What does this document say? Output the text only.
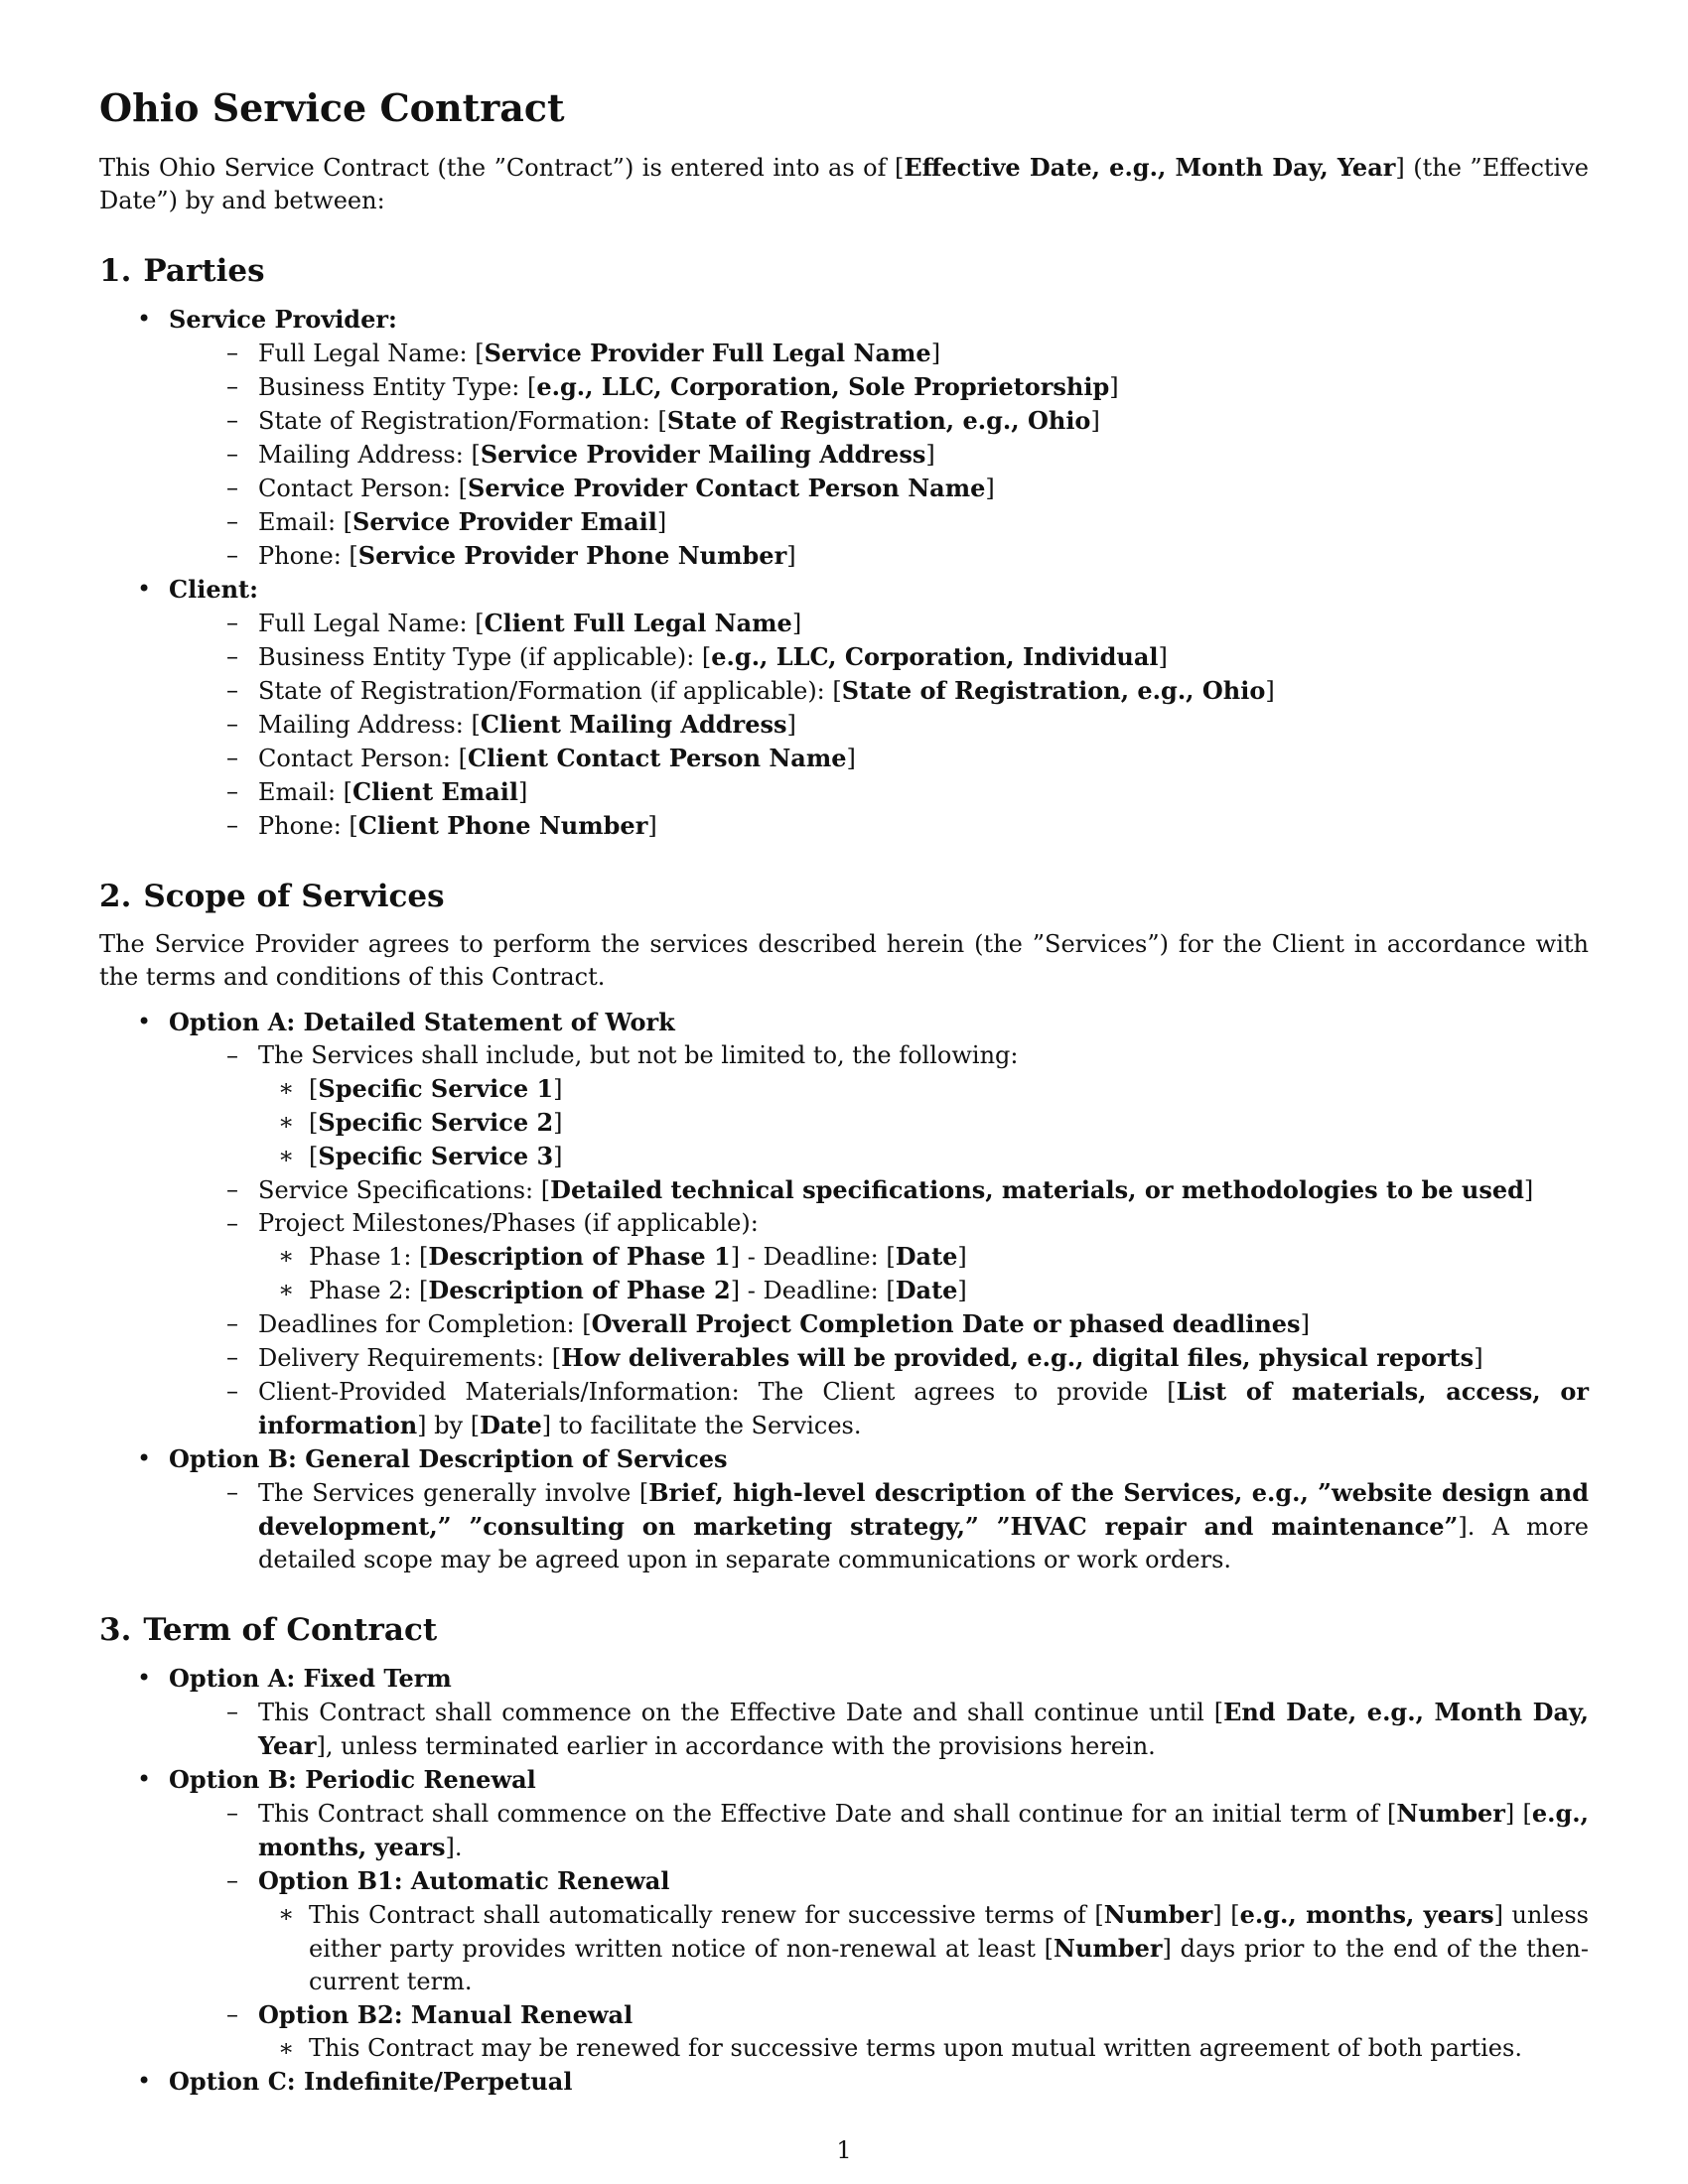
Ohio Service Contract

This Ohio Service Contract (the ”Contract”) is entered into as of [Effective Date, e.g., Month Day, Year] (the ”Effective Date”) by and between:

1. Parties
• Service Provider:
– Full Legal Name: [Service Provider Full Legal Name]
– Business Entity Type: [e.g., LLC, Corporation, Sole Proprietorship]
– State of Registration/Formation: [State of Registration, e.g., Ohio]
– Mailing Address: [Service Provider Mailing Address]
– Contact Person: [Service Provider Contact Person Name]
– Email: [Service Provider Email]
– Phone: [Service Provider Phone Number]
• Client:
– Full Legal Name: [Client Full Legal Name]
– Business Entity Type (if applicable): [e.g., LLC, Corporation, Individual]
– State of Registration/Formation (if applicable): [State of Registration, e.g., Ohio]
– Mailing Address: [Client Mailing Address]
– Contact Person: [Client Contact Person Name]
– Email: [Client Email]
– Phone: [Client Phone Number]
2. Scope of Services

The Service Provider agrees to perform the services described herein (the ”Services”) for the Client in accordance with the terms and conditions of this Contract.

• Option A: Detailed Statement of Work
– The Services shall include, but not be limited to, the following:
∗ [Specific Service 1]
∗ [Specific Service 2]
∗ [Specific Service 3]
– Service Specifications: [Detailed technical specifications, materials, or methodologies to be used]
– Project Milestones/Phases (if applicable):
∗ Phase 1: [Description of Phase 1] - Deadline: [Date]
∗ Phase 2: [Description of Phase 2] - Deadline: [Date]
– Deadlines for Completion: [Overall Project Completion Date or phased deadlines]
– Delivery Requirements: [How deliverables will be provided, e.g., digital files, physical reports]
– Client-Provided Materials/Information: The Client agrees to provide [List of materials, access, or information] by [Date] to facilitate the Services.
• Option B: General Description of Services
– The Services generally involve [Brief, high-level description of the Services, e.g., ”website design and development,” ”consulting on marketing strategy,” ”HVAC repair and maintenance”]. A more detailed scope may be agreed upon in separate communications or work orders.
3. Term of Contract
• Option A: Fixed Term
– This Contract shall commence on the Effective Date and shall continue until [End Date, e.g., Month Day, Year], unless terminated earlier in accordance with the provisions herein.
• Option B: Periodic Renewal
– This Contract shall commence on the Effective Date and shall continue for an initial term of [Number] [e.g., months, years].
– Option B1: Automatic Renewal
∗ This Contract shall automatically renew for successive terms of [Number] [e.g., months, years] unless either party provides written notice of non-renewal at least [Number] days prior to the end of the then-current term.
– Option B2: Manual Renewal
∗ This Contract may be renewed for successive terms upon mutual written agreement of both parties.
• Option C: Indefinite/Perpetual
1
